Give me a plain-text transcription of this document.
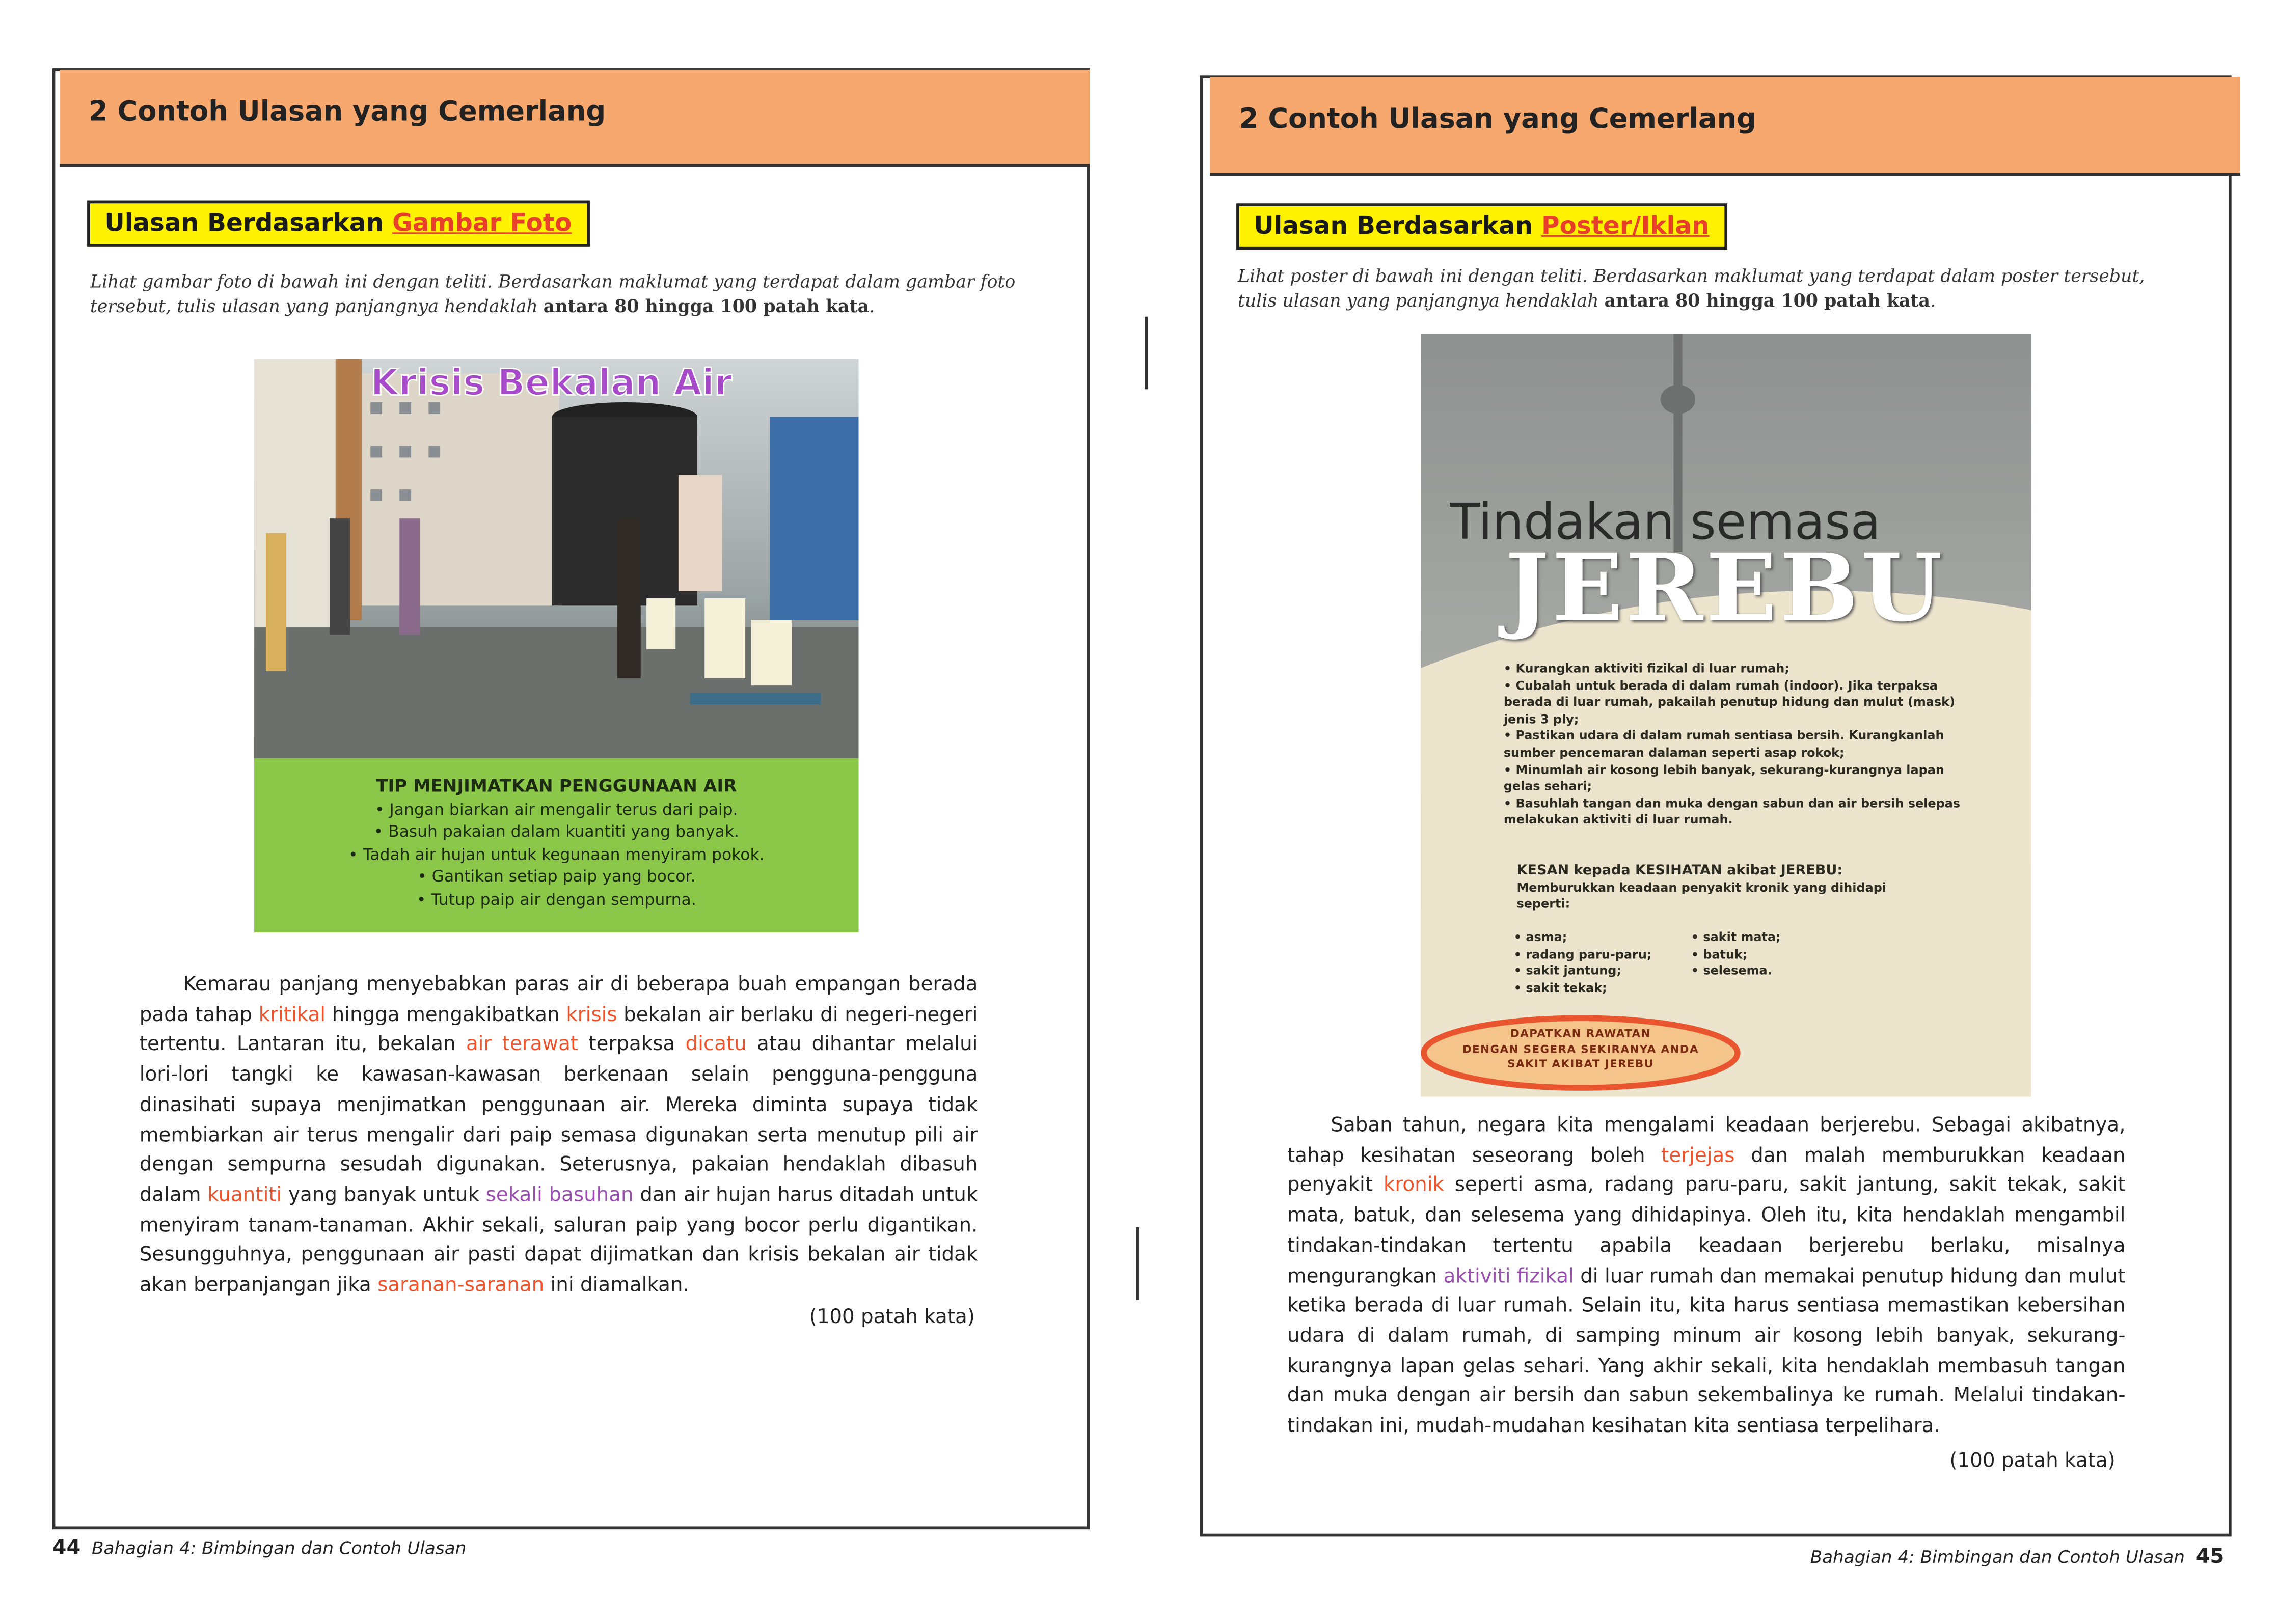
2 Contoh Ulasan yang Cemerlang
Ulasan Berdasarkan Gambar Foto
Lihat gambar foto di bawah ini dengan teliti. Berdasarkan maklumat yang terdapat dalam gambar foto tersebut, tulis ulasan yang panjangnya hendaklah antara 80 hingga 100 patah kata.
Krisis Bekalan Air
TIP MENJIMATKAN PENGGUNAAN AIR
• Jangan biarkan air mengalir terus dari paip.
• Basuh pakaian dalam kuantiti yang banyak.
• Tadah air hujan untuk kegunaan menyiram pokok.
• Gantikan setiap paip yang bocor.
• Tutup paip air dengan sempurna.
Kemarau panjang menyebabkan paras air di beberapa buah empangan berada pada tahap kritikal hingga mengakibatkan krisis bekalan air berlaku di negeri-negeri tertentu. Lantaran itu, bekalan air terawat terpaksa dicatu atau dihantar melalui lori-lori tangki ke kawasan-kawasan berkenaan selain pengguna-pengguna dinasihati supaya menjimatkan penggunaan air. Mereka diminta supaya tidak membiarkan air terus mengalir dari paip semasa digunakan serta menutup pili air dengan sempurna sesudah digunakan. Seterusnya, pakaian hendaklah dibasuh dalam kuantiti yang banyak untuk sekali basuhan dan air hujan harus ditadah untuk menyiram tanam-tanaman. Akhir sekali, saluran paip yang bocor perlu digantikan. Sesungguhnya, penggunaan air pasti dapat dijimatkan dan krisis bekalan air tidak akan berpanjangan jika saranan-saranan ini diamalkan.
(100 patah kata)
44 Bahagian 4: Bimbingan dan Contoh Ulasan
2 Contoh Ulasan yang Cemerlang
Ulasan Berdasarkan Poster/Iklan
Lihat poster di bawah ini dengan teliti. Berdasarkan maklumat yang terdapat dalam poster tersebut, tulis ulasan yang panjangnya hendaklah antara 80 hingga 100 patah kata.
Tindakan semasa
JEREBU
• Kurangkan aktiviti fizikal di luar rumah;
• Cubalah untuk berada di dalam rumah (indoor). Jika terpaksa berada di luar rumah, pakailah penutup hidung dan mulut (mask) jenis 3 ply;
• Pastikan udara di dalam rumah sentiasa bersih. Kurangkanlah sumber pencemaran dalaman seperti asap rokok;
• Minumlah air kosong lebih banyak, sekurang-kurangnya lapan gelas sehari;
• Basuhlah tangan dan muka dengan sabun dan air bersih selepas melakukan aktiviti di luar rumah.
KESAN kepada KESIHATAN akibat JEREBU:
Memburukkan keadaan penyakit kronik yang dihidapi seperti:
• asma;
• radang paru-paru;
• sakit jantung;
• sakit tekak;
• sakit mata;
• batuk;
• selesema.
DAPATKAN RAWATAN
DENGAN SEGERA SEKIRANYA ANDA
SAKIT AKIBAT JEREBU
Saban tahun, negara kita mengalami keadaan berjerebu. Sebagai akibatnya, tahap kesihatan seseorang boleh terjejas dan malah memburukkan keadaan penyakit kronik seperti asma, radang paru-paru, sakit jantung, sakit tekak, sakit mata, batuk, dan selesema yang dihidapinya. Oleh itu, kita hendaklah mengambil tindakan-tindakan tertentu apabila keadaan berjerebu berlaku, misalnya mengurangkan aktiviti fizikal di luar rumah dan memakai penutup hidung dan mulut ketika berada di luar rumah. Selain itu, kita harus sentiasa memastikan kebersihan udara di dalam rumah, di samping minum air kosong lebih banyak, sekurang-kurangnya lapan gelas sehari. Yang akhir sekali, kita hendaklah membasuh tangan dan muka dengan air bersih dan sabun sekembalinya ke rumah. Melalui tindakan-tindakan ini, mudah-mudahan kesihatan kita sentiasa terpelihara.
(100 patah kata)
Bahagian 4: Bimbingan dan Contoh Ulasan 45
